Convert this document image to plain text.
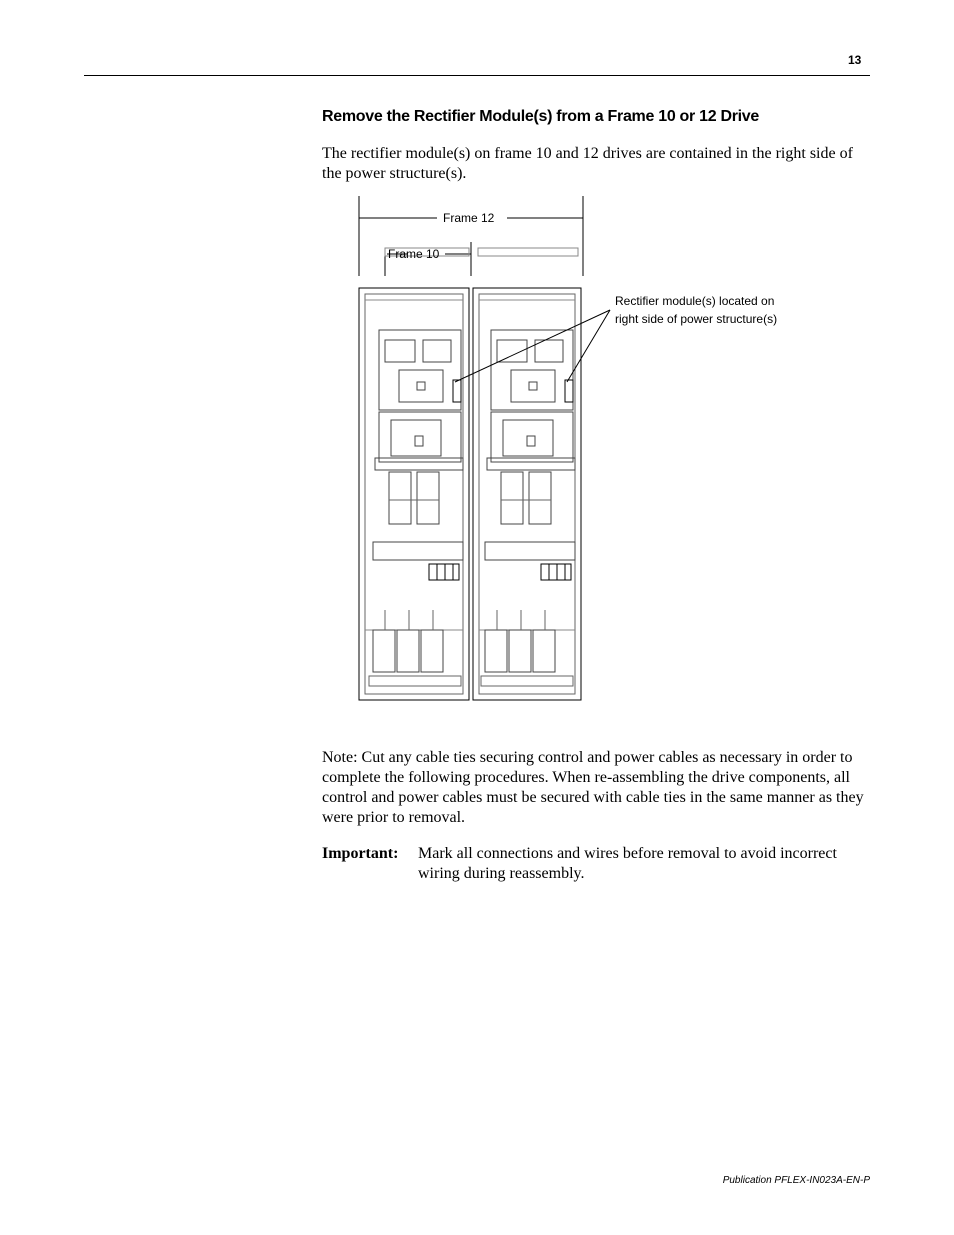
13
Remove the Rectifier Module(s) from a Frame 10 or 12 Drive

The rectifier module(s) on frame 10 and 12 drives are contained in the right side of the power structure(s).

Frame 12
Frame 10
Rectifier module(s) located on
right side of power structure(s)

Note: Cut any cable ties securing control and power cables as necessary in order to complete the following procedures. When re-assembling the drive components, all control and power cables must be secured with cable ties in the same manner as they were prior to removal.

Important: Mark all connections and wires before removal to avoid incorrect wiring during reassembly.
Publication PFLEX-IN023A-EN-P
